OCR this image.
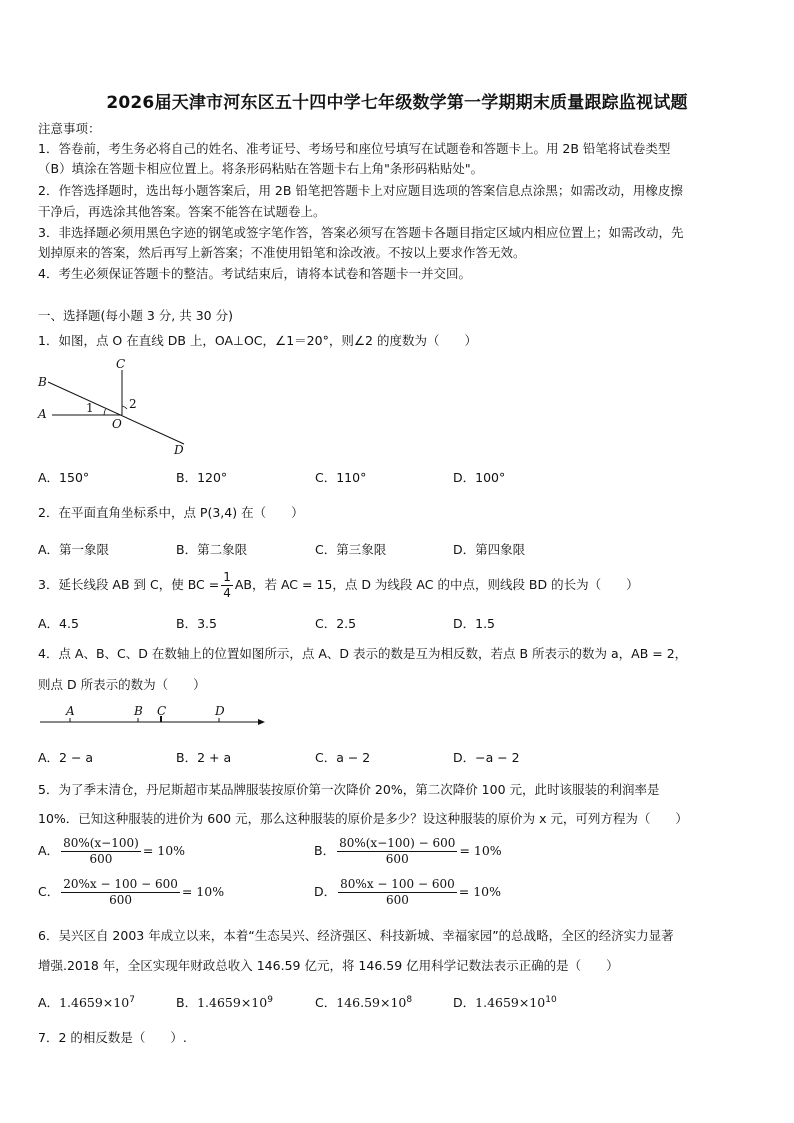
2026届天津市河东区五十四中学七年级数学第一学期期末质量跟踪监视试题
注意事项：
1．答卷前，考生务必将自己的姓名、准考证号、考场号和座位号填写在试题卷和答题卡上。用 2B 铅笔将试卷类型
（B）填涂在答题卡相应位置上。将条形码粘贴在答题卡右上角"条形码粘贴处"。
2．作答选择题时，选出每小题答案后，用 2B 铅笔把答题卡上对应题目选项的答案信息点涂黑；如需改动，用橡皮擦
干净后，再选涂其他答案。答案不能答在试题卷上。
3．非选择题必须用黑色字迹的钢笔或签字笔作答，答案必须写在答题卡各题目指定区域内相应位置上；如需改动，先
划掉原来的答案，然后再写上新答案；不准使用铅笔和涂改液。不按以上要求作答无效。
4．考生必须保证答题卡的整洁。考试结束后，请将本试卷和答题卡一并交回。
一、选择题(每小题 3 分, 共 30 分)
1．如图，点 O 在直线 DB 上，OA⊥OC，∠1＝20°，则∠2 的度数为（　　）
B
C
A
O
D
1	2
A．150°	B．120°	C．110°	D．100°
2．在平面直角坐标系中，点 P(3,4) 在（　　）
A．第一象限	B．第二象限	C．第三象限	D．第四象限
3．延长线段 AB 到 C，使 BC = $\frac{1}{4}$ AB，若 AC = 15，点 D 为线段 AC 的中点，则线段 BD 的长为（　　）
A．4.5	B．3.5	C．2.5	D．1.5
4．点 A、B、C、D 在数轴上的位置如图所示，点 A、D 表示的数是互为相反数，若点 B 所表示的数为 a，AB = 2，
则点 D 所表示的数为（　　）
A	B C	D
A．2 − a	B．2 + a	C．a − 2	D．−a − 2
5．为了季末清仓，丹尼斯超市某品牌服装按原价第一次降价 20%，第二次降价 100 元，此时该服装的利润率是
10%．已知这种服装的进价为 600 元，那么这种服装的原价是多少？设这种服装的原价为 x 元，可列方程为（　　）
A． $\frac{80\%(x-100)}{600} = 10\%$	B． $\frac{80\%(x-100) - 600}{600} = 10\%$
C． $\frac{20\%x - 100 - 600}{600} = 10\%$	D． $\frac{80\%x - 100 - 600}{600} = 10\%$
6．吴兴区自 2003 年成立以来，本着“生态吴兴、经济强区、科技新城、幸福家园”的总战略，全区的经济实力显著
增强.2018 年，全区实现年财政总收入 146.59 亿元，将 146.59 亿用科学记数法表示正确的是（　　）
A．$1.4659\times 10^7$	B．$1.4659\times 10^9$	C．$146.59\times 10^8$	D．$1.4659\times 10^{10}$
7．2 的相反数是（　　）.
